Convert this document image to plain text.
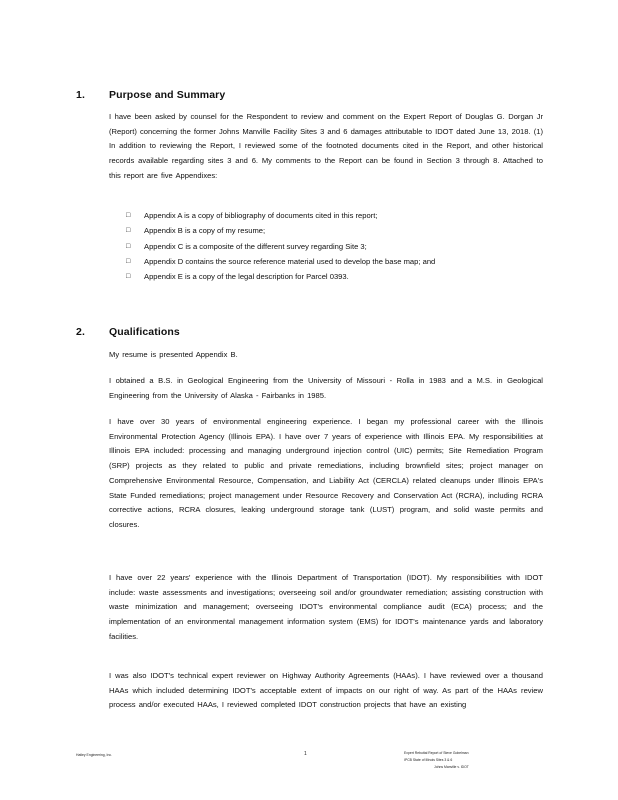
1.	Purpose and Summary

I have been asked by counsel for the Respondent to review and comment on the Expert Report of Douglas G. Dorgan Jr (Report) concerning the former Johns Manville Facility Sites 3 and 6 damages attributable to IDOT dated June 13, 2018. (1) In addition to reviewing the Report, I reviewed some of the footnoted documents cited in the Report, and other historical records available regarding sites 3 and 6. My comments to the Report can be found in Section 3 through 8. Attached to this report are five Appendixes:

□	Appendix A is a copy of bibliography of documents cited in this report;
□	Appendix B is a copy of my resume;
□	Appendix C is a composite of the different survey regarding Site 3;
□	Appendix D contains the source reference material used to develop the base map; and
□	Appendix E is a copy of the legal description for Parcel 0393.
2.	Qualifications

My resume is presented Appendix B.

I obtained a B.S. in Geological Engineering from the University of Missouri - Rolla in 1983 and a M.S. in Geological Engineering from the University of Alaska - Fairbanks in 1985.

I have over 30 years of environmental engineering experience. I began my professional career with the Illinois Environmental Protection Agency (Illinois EPA). I have over 7 years of experience with Illinois EPA. My responsibilities at Illinois EPA included: processing and managing underground injection control (UIC) permits; Site Remediation Program (SRP) projects as they related to public and private remediations, including brownfield sites; project manager on Comprehensive Environmental Resource, Compensation, and Liability Act (CERCLA) related cleanups under Illinois EPA's State Funded remediations; project management under Resource Recovery and Conservation Act (RCRA), including RCRA corrective actions, RCRA closures, leaking underground storage tank (LUST) program, and solid waste permits and closures.

I have over 22 years' experience with the Illinois Department of Transportation (IDOT). My responsibilities with IDOT include: waste assessments and investigations; overseeing soil and/or groundwater remediation; assisting construction with waste minimization and management; overseeing IDOT's environmental compliance audit (ECA) process; and the implementation of an environmental management information system (EMS) for IDOT's maintenance yards and laboratory facilities.

I was also IDOT's technical expert reviewer on Highway Authority Agreements (HAAs). I have reviewed over a thousand HAAs which included determining IDOT's acceptable extent of impacts on our right of way. As part of the HAAs review process and/or executed HAAs, I reviewed completed IDOT construction projects that have an existing

Hatley Engineering, Inc.	1	Expert Rebuttal Report of Steve Gobelman
IPCB State of Illinois Sites 3 & 6
Johns Manville v. IDOT
